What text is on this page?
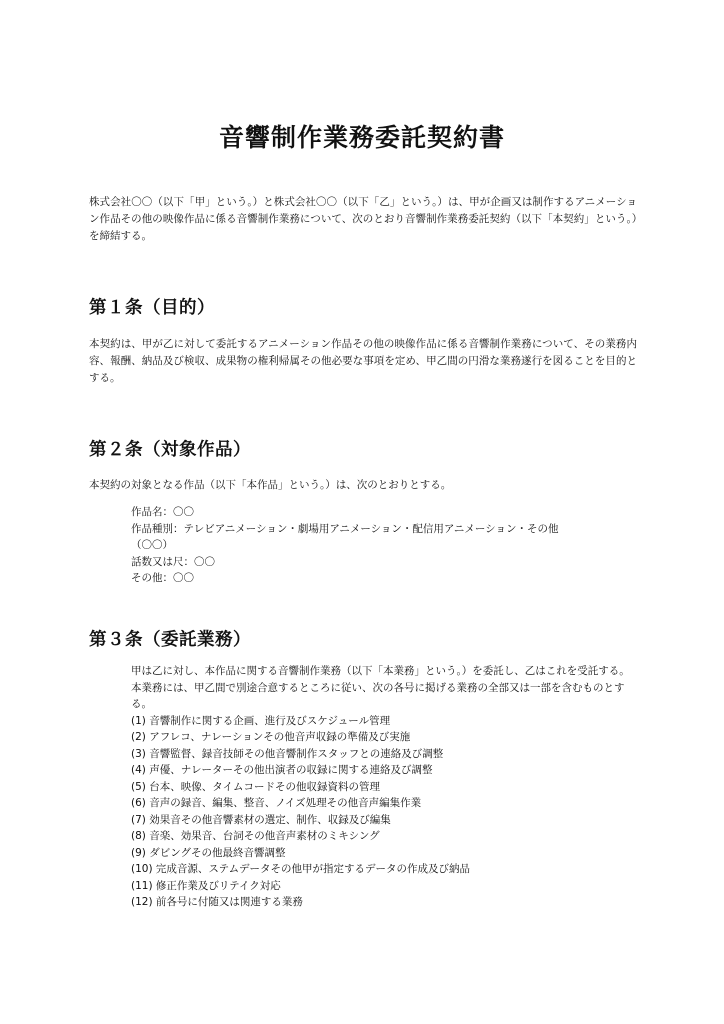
音響制作業務委託契約書

株式会社〇〇（以下「甲」という。）と株式会社〇〇（以下「乙」という。）は、甲が企画又は制作するアニメーション作品その他の映像作品に係る音響制作業務について、次のとおり音響制作業務委託契約（以下「本契約」という。）を締結する。

第１条（目的）

本契約は、甲が乙に対して委託するアニメーション作品その他の映像作品に係る音響制作業務について、その業務内容、報酬、納品及び検収、成果物の権利帰属その他必要な事項を定め、甲乙間の円滑な業務遂行を図ることを目的とする。

第２条（対象作品）

本契約の対象となる作品（以下「本作品」という。）は、次のとおりとする。

作品名：〇〇
作品種別：テレビアニメーション・劇場用アニメーション・配信用アニメーション・その他
（〇〇）
話数又は尺：〇〇
その他：〇〇
第３条（委託業務）
甲は乙に対し、本作品に関する音響制作業務（以下「本業務」という。）を委託し、乙はこれを受託する。
本業務には、甲乙間で別途合意するところに従い、次の各号に掲げる業務の全部又は一部を含むものとする。
(1) 音響制作に関する企画、進行及びスケジュール管理
(2) アフレコ、ナレーションその他音声収録の準備及び実施
(3) 音響監督、録音技師その他音響制作スタッフとの連絡及び調整
(4) 声優、ナレーターその他出演者の収録に関する連絡及び調整
(5) 台本、映像、タイムコードその他収録資料の管理
(6) 音声の録音、編集、整音、ノイズ処理その他音声編集作業
(7) 効果音その他音響素材の選定、制作、収録及び編集
(8) 音楽、効果音、台詞その他音声素材のミキシング
(9) ダビングその他最終音響調整
(10) 完成音源、ステムデータその他甲が指定するデータの作成及び納品
(11) 修正作業及びリテイク対応
(12) 前各号に付随又は関連する業務
